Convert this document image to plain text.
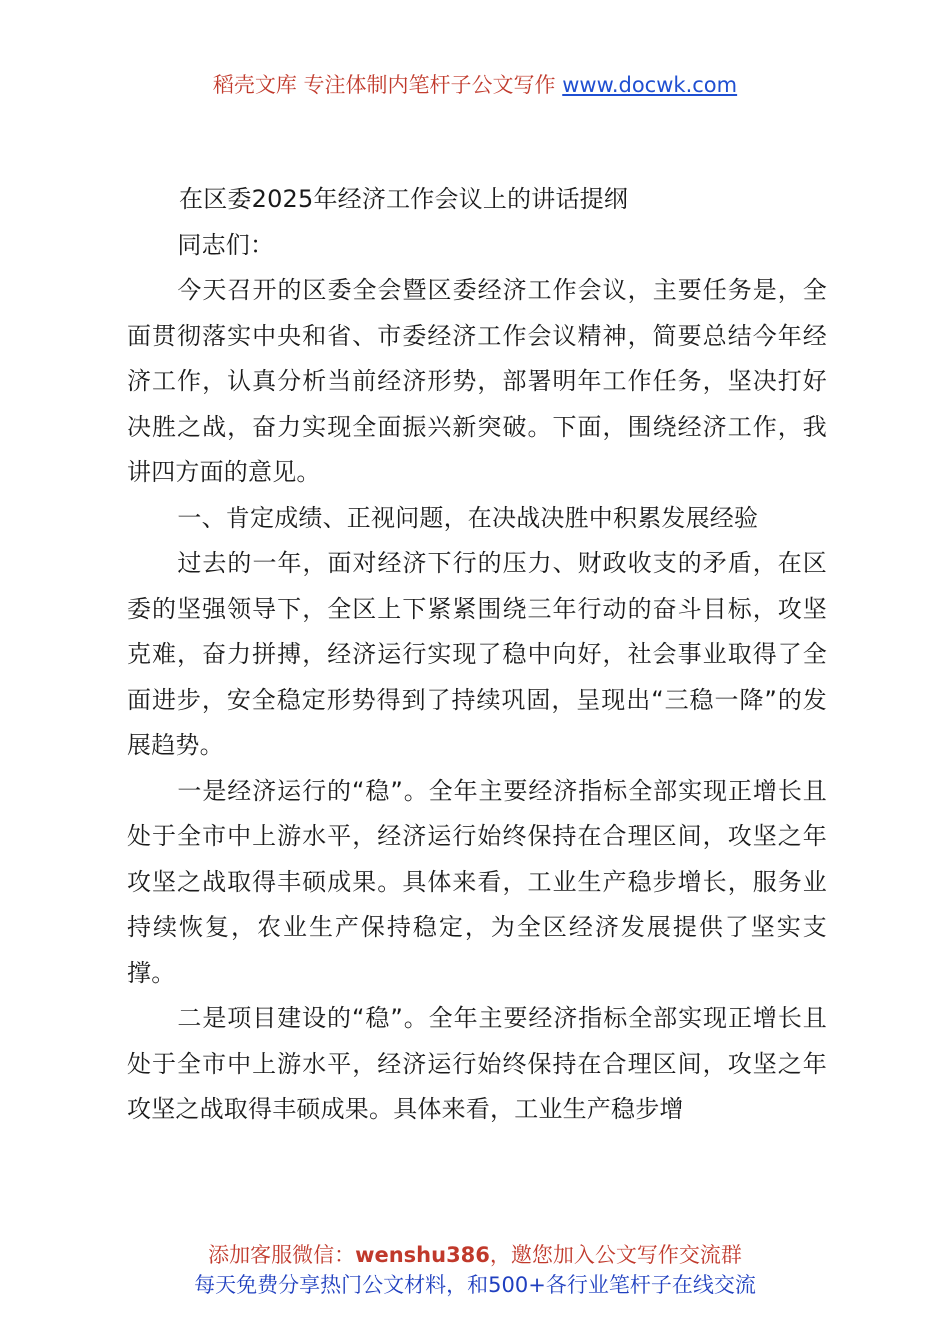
稻壳文库 专注体制内笔杆子公文写作 www.docwk.com

在区委2025年经济工作会议上的讲话提纲

同志们：

今天召开的区委全会暨区委经济工作会议，主要任务是，全面贯彻落实中央和省、市委经济工作会议精神，简要总结今年经济工作，认真分析当前经济形势，部署明年工作任务，坚决打好决胜之战，奋力实现全面振兴新突破。下面，围绕经济工作，我讲四方面的意见。

一、肯定成绩、正视问题，在决战决胜中积累发展经验

过去的一年，面对经济下行的压力、财政收支的矛盾，在区委的坚强领导下，全区上下紧紧围绕三年行动的奋斗目标，攻坚克难，奋力拼搏，经济运行实现了稳中向好，社会事业取得了全面进步，安全稳定形势得到了持续巩固，呈现出“三稳一降”的发展趋势。

一是经济运行的“稳”。全年主要经济指标全部实现正增长且处于全市中上游水平，经济运行始终保持在合理区间，攻坚之年攻坚之战取得丰硕成果。具体来看，工业生产稳步增长，服务业持续恢复，农业生产保持稳定，为全区经济发展提供了坚实支撑。

二是项目建设的“稳”。全年主要经济指标全部实现正增长且处于全市中上游水平，经济运行始终保持在合理区间，攻坚之年攻坚之战取得丰硕成果。具体来看，工业生产稳步增

添加客服微信：wenshu386，邀您加入公文写作交流群
每天免费分享热门公文材料，和500+各行业笔杆子在线交流
